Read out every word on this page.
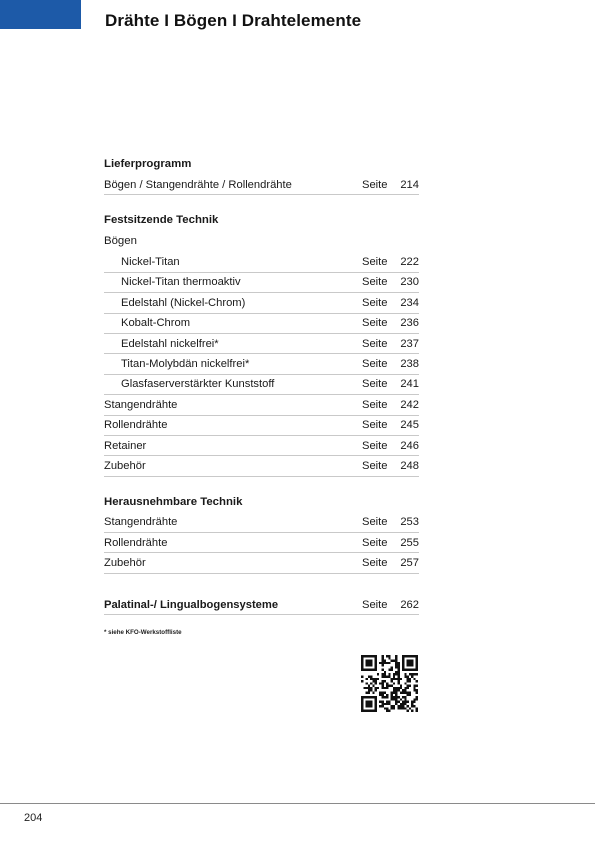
Drähte I Bögen I Drahtelemente
Lieferprogramm
Bögen / Stangendrähte / Rollendrähte	Seite	214
Festsitzende Technik
Bögen
Nickel-Titan	Seite	222
Nickel-Titan thermoaktiv	Seite	230
Edelstahl (Nickel-Chrom)	Seite	234
Kobalt-Chrom	Seite	236
Edelstahl nickelfrei*	Seite	237
Titan-Molybdän nickelfrei*	Seite	238
Glasfaserverstärkter Kunststoff	Seite	241
Stangendrähte	Seite	242
Rollendrähte	Seite	245
Retainer	Seite	246
Zubehör	Seite	248
Herausnehmbare Technik
Stangendrähte	Seite	253
Rollendrähte	Seite	255
Zubehör	Seite	257
Palatinal-/ Lingualbogensysteme	Seite	262
* siehe KFO-Werkstoffliste
204
